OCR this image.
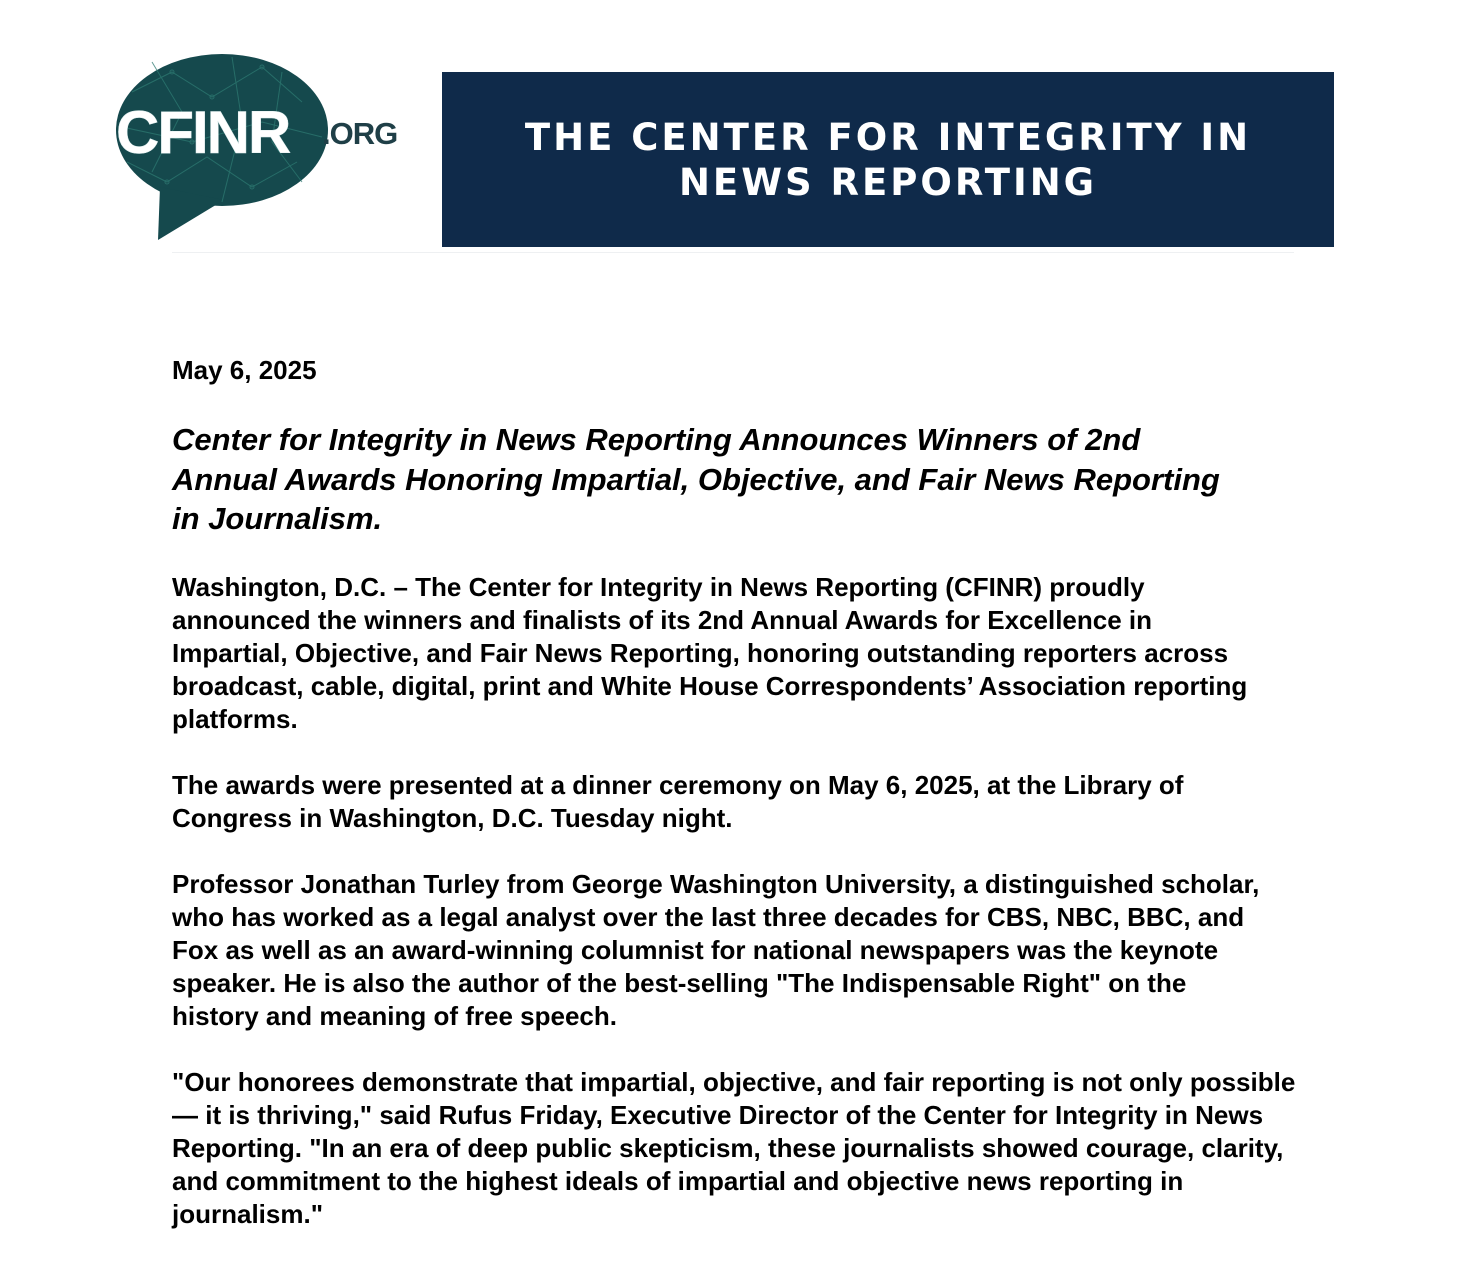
CFINR .ORG	THE CENTER FOR INTEGRITY IN NEWS REPORTING

May 6, 2025

Center for Integrity in News Reporting Announces Winners of 2nd Annual Awards Honoring Impartial, Objective, and Fair News Reporting in Journalism.

Washington, D.C. – The Center for Integrity in News Reporting (CFINR) proudly announced the winners and finalists of its 2nd Annual Awards for Excellence in Impartial, Objective, and Fair News Reporting, honoring outstanding reporters across broadcast, cable, digital, print and White House Correspondents’ Association reporting platforms.

The awards were presented at a dinner ceremony on May 6, 2025, at the Library of Congress in Washington, D.C. Tuesday night.

Professor Jonathan Turley from George Washington University, a distinguished scholar, who has worked as a legal analyst over the last three decades for CBS, NBC, BBC, and Fox as well as an award-winning columnist for national newspapers was the keynote speaker. He is also the author of the best-selling "The Indispensable Right" on the history and meaning of free speech.

"Our honorees demonstrate that impartial, objective, and fair reporting is not only possible — it is thriving," said Rufus Friday, Executive Director of the Center for Integrity in News Reporting. "In an era of deep public skepticism, these journalists showed courage, clarity, and commitment to the highest ideals of impartial and objective news reporting in journalism."
